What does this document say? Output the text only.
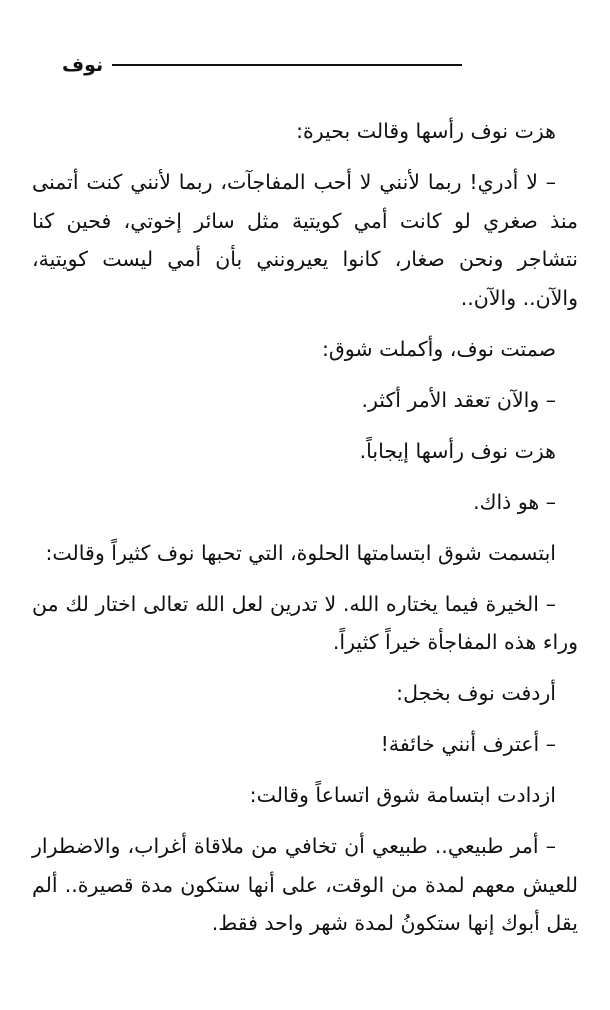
نوف

هزت نوف رأسها وقالت بحيرة:

– لا أدري! ربما لأنني لا أحب المفاجآت، ربما لأنني كنت أتمنى منذ صغري لو كانت أمي كويتية مثل سائر إخوتي، فحين كنا نتشاجر ونحن صغار، كانوا يعيرونني بأن أمي ليست كويتية، والآن.. والآن..

صمتت نوف، وأكملت شوق:

– والآن تعقد الأمر أكثر.

هزت نوف رأسها إيجاباً.

– هو ذاك.

ابتسمت شوق ابتسامتها الحلوة، التي تحبها نوف كثيراً وقالت:

– الخيرة فيما يختاره الله. لا تدرين لعل الله تعالى اختار لك من وراء هذه المفاجأة خيراً كثيراً.

أردفت نوف بخجل:

– أعترف أنني خائفة!

ازدادت ابتسامة شوق اتساعاً وقالت:

– أمر طبيعي.. طبيعي أن تخافي من ملاقاة أغراب، والاضطرار للعيش معهم لمدة من الوقت، على أنها ستكون مدة قصيرة.. ألم يقل أبوك إنها ستكونُ لمدة شهر واحد فقط.
